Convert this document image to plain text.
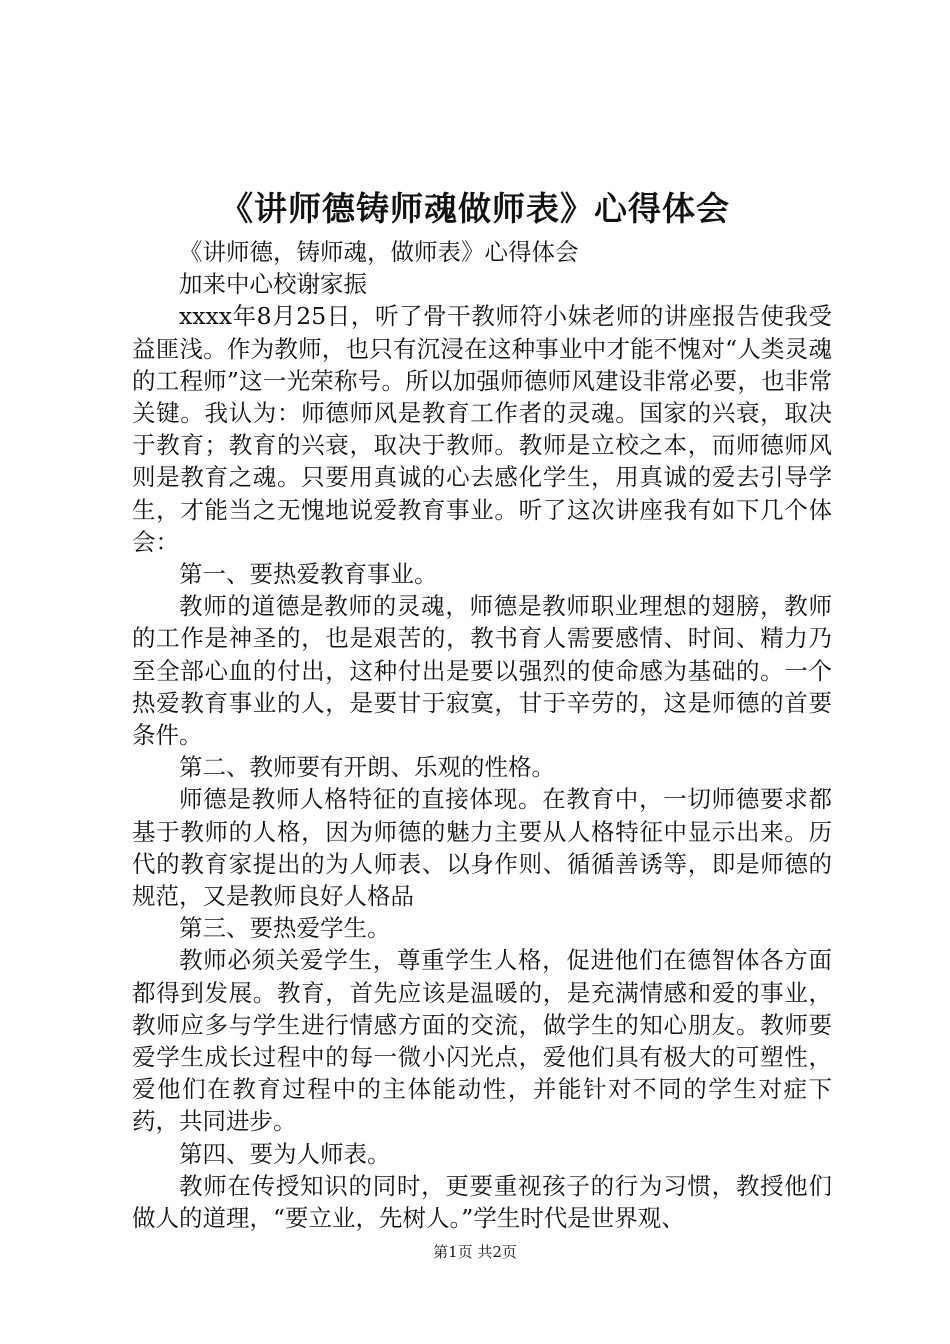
《讲师德铸师魂做师表》心得体会

《讲师德，铸师魂，做师表》心得体会

加来中心校谢家振

xxxx年8月25日，听了骨干教师符小妹老师的讲座报告使我受益匪浅。作为教师，也只有沉浸在这种事业中才能不愧对“人类灵魂的工程师”这一光荣称号。所以加强师德师风建设非常必要，也非常关键。我认为：师德师风是教育工作者的灵魂。国家的兴衰，取决于教育；教育的兴衰，取决于教师。教师是立校之本，而师德师风则是教育之魂。只要用真诚的心去感化学生，用真诚的爱去引导学生，才能当之无愧地说爱教育事业。听了这次讲座我有如下几个体会：

第一、要热爱教育事业。

教师的道德是教师的灵魂，师德是教师职业理想的翅膀，教师的工作是神圣的，也是艰苦的，教书育人需要感情、时间、精力乃至全部心血的付出，这种付出是要以强烈的使命感为基础的。一个热爱教育事业的人，是要甘于寂寞，甘于辛劳的，这是师德的首要条件。

第二、教师要有开朗、乐观的性格。

师德是教师人格特征的直接体现。在教育中，一切师德要求都基于教师的人格，因为师德的魅力主要从人格特征中显示出来。历代的教育家提出的为人师表、以身作则、循循善诱等，即是师德的规范，又是教师良好人格品

第三、要热爱学生。

教师必须关爱学生，尊重学生人格，促进他们在德智体各方面都得到发展。教育，首先应该是温暖的，是充满情感和爱的事业，教师应多与学生进行情感方面的交流，做学生的知心朋友。教师要爱学生成长过程中的每一微小闪光点，爱他们具有极大的可塑性，爱他们在教育过程中的主体能动性，并能针对不同的学生对症下药，共同进步。

第四、要为人师表。

教师在传授知识的同时，更要重视孩子的行为习惯，教授他们做人的道理，“要立业，先树人。”学生时代是世界观、

第1页 共2页
